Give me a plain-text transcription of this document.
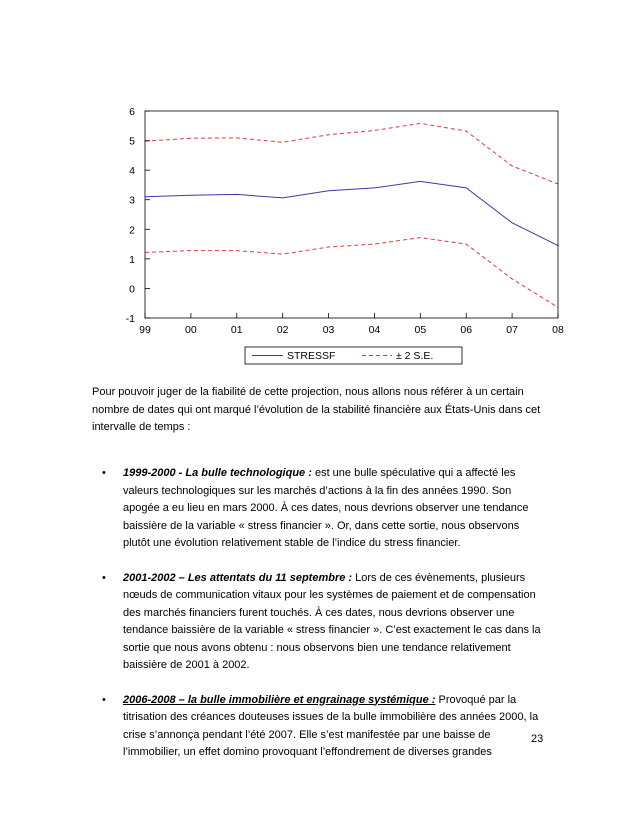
6
5
4
3
2
1
0
-1
99	00	01	02	03	04	05	06	07	08
STRESSF	± 2 S.E.
Pour pouvoir juger de la fiabilité de cette projection, nous allons nous référer à un certain nombre de dates qui ont marqué l’évolution de la stabilité financière aux États-Unis dans cet intervalle de temps :
• 1999-2000 - La bulle technologique : est une bulle spéculative qui a affecté les valeurs technologiques sur les marchés d’actions à la fin des années 1990. Son apogée a eu lieu en mars 2000. À ces dates, nous devrions observer une tendance baissière de la variable « stress financier ». Or, dans cette sortie, nous observons plutôt une évolution relativement stable de l’indice du stress financier.
• 2001-2002 – Les attentats du 11 septembre : Lors de ces évènements, plusieurs nœuds de communication vitaux pour les systèmes de paiement et de compensation des marchés financiers furent touchés. À ces dates, nous devrions observer une tendance baissière de la variable « stress financier ». C’est exactement le cas dans la sortie que nous avons obtenu : nous observons bien une tendance relativement baissière de 2001 à 2002.
• 2006-2008 – la bulle immobilière et engrainage systémique : Provoqué par la titrisation des créances douteuses issues de la bulle immobilière des années 2000, la crise s’annonça pendant l’été 2007. Elle s’est manifestée par une baisse de l’immobilier, un effet domino provoquant l’effondrement de diverses grandes
23
